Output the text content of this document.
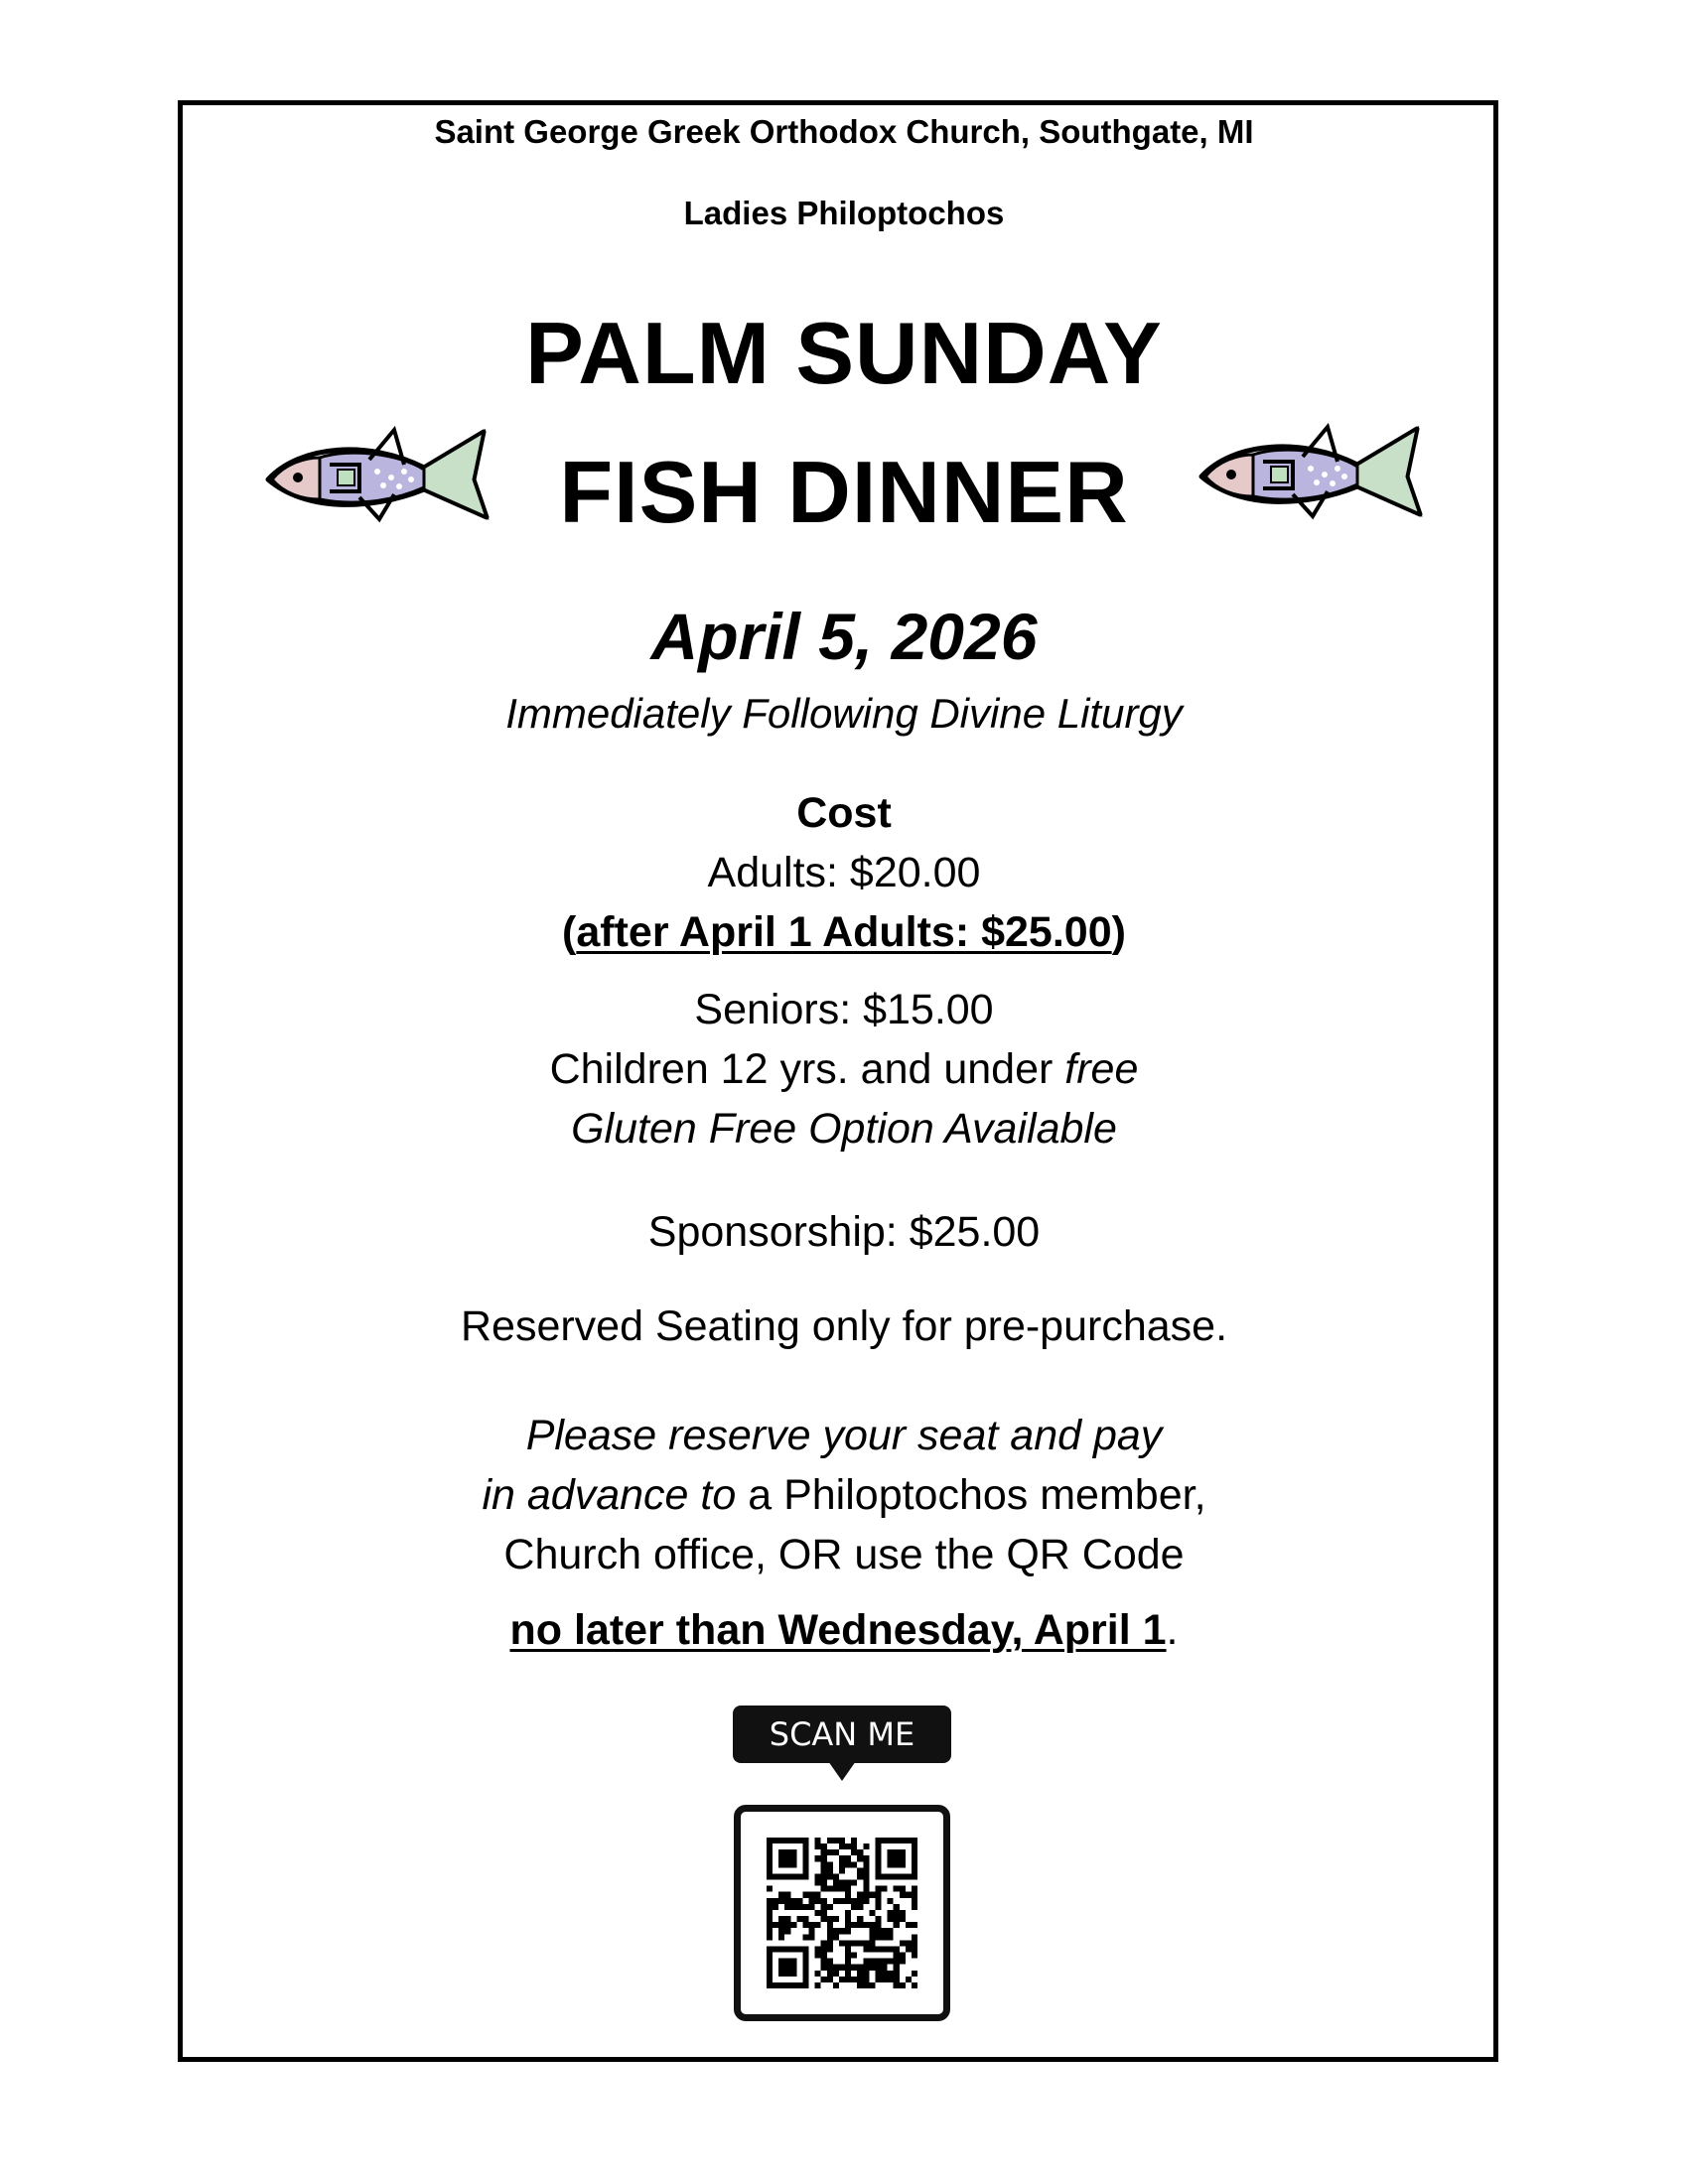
Saint George Greek Orthodox Church, Southgate, MI
Ladies Philoptochos
PALM SUNDAY
FISH DINNER
April 5, 2026
Immediately Following Divine Liturgy
Cost
Adults: $20.00
(after April 1 Adults: $25.00)
Seniors: $15.00
Children 12 yrs. and under free
Gluten Free Option Available
Sponsorship: $25.00
Reserved Seating only for pre-purchase.
Please reserve your seat and pay
in advance to a Philoptochos member,
Church office, OR use the QR Code
no later than Wednesday, April 1.
SCAN ME
